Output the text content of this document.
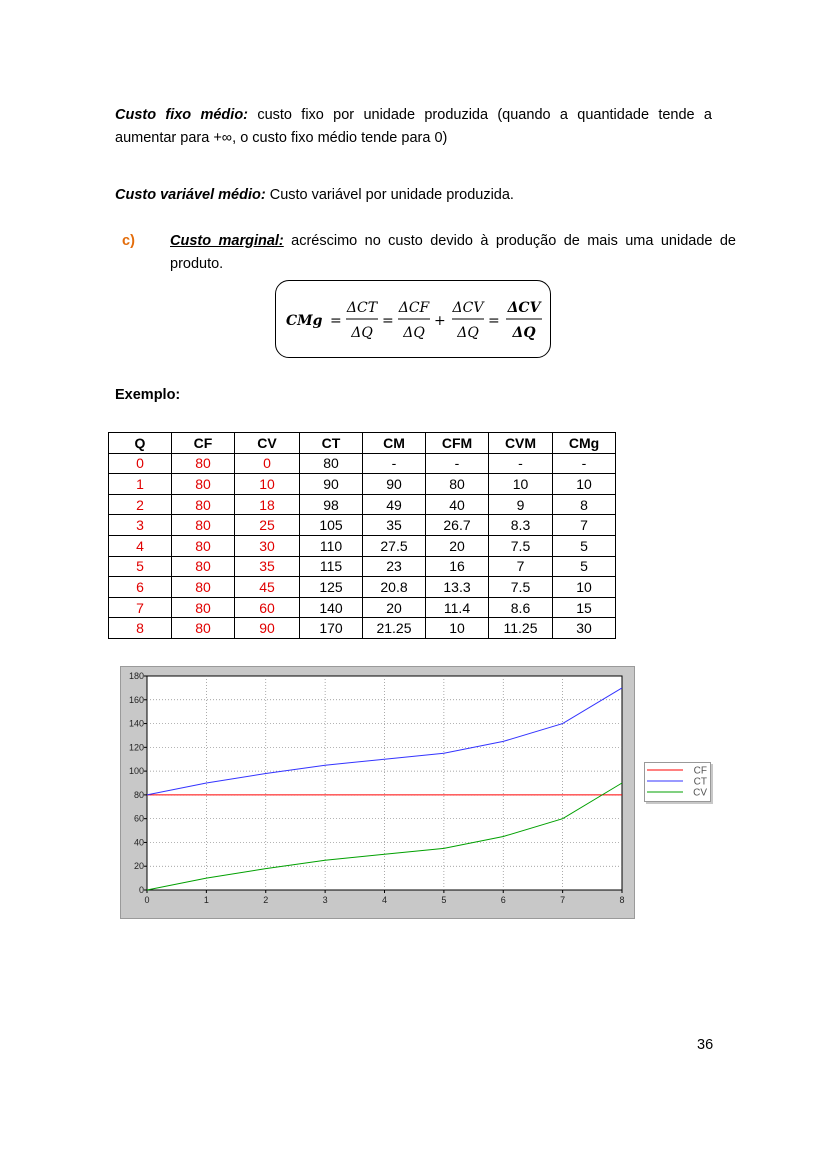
Custo fixo médio: custo fixo por unidade produzida (quando a quantidade tende a aumentar para +∞, o custo fixo médio tende para 0)

Custo variável médio: Custo variável por unidade produzida.

c) Custo marginal: acréscimo no custo devido à produção de mais uma unidade de produto.

CMg =
ΔCT
ΔQ
=
ΔCF
ΔQ
+
ΔCV
ΔQ
=
ΔCV
ΔQ
Exemplo:
Q	CF	CV	CT	CM	CFM	CVM	CMg
0	80	0	80	-	-	-	-
1	80	10	90	90	80	10	10
2	80	18	98	49	40	9	8
3	80	25	105	35	26.7	8.3	7
4	80	30	110	27.5	20	7.5	5
5	80	35	115	23	16	7	5
6	80	45	125	20.8	13.3	7.5	10
7	80	60	140	20	11.4	8.6	15
8	80	90	170	21.25	10	11.25	30
0
20
40
60
80
100
120
140
160
180
0	1	2	3	4	5	6	7	8
CF
CT
CV
36
